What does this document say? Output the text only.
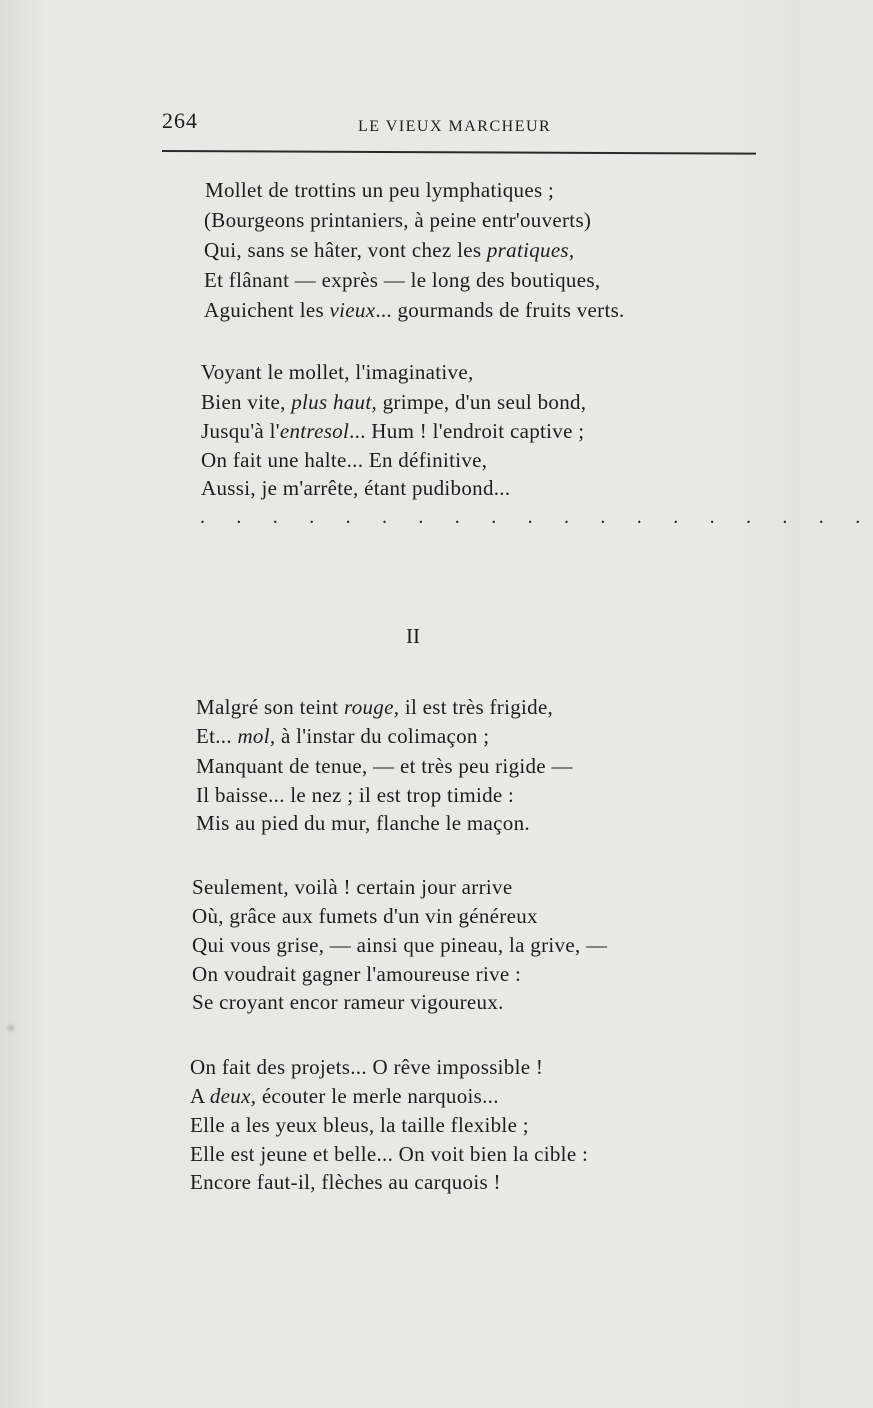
264	LE VIEUX MARCHEUR
Mollet de trottins un peu lymphatiques ;
(Bourgeons printaniers, à peine entr'ouverts)
Qui, sans se hâter, vont chez les pratiques,
Et flânant — exprès — le long des boutiques,
Aguichent les vieux... gourmands de fruits verts.
Voyant le mollet, l'imaginative,
Bien vite, plus haut, grimpe, d'un seul bond,
Jusqu'à l'entresol... Hum ! l'endroit captive ;
On fait une halte... En définitive,
Aussi, je m'arrête, étant pudibond...
. . . . . . . . . . . . . . . . . . .
II
Malgré son teint rouge, il est très frigide,
Et... mol, à l'instar du colimaçon ;
Manquant de tenue, — et très peu rigide —
Il baisse... le nez ; il est trop timide :
Mis au pied du mur, flanche le maçon.
Seulement, voilà ! certain jour arrive
Où, grâce aux fumets d'un vin généreux
Qui vous grise, — ainsi que pineau, la grive, —
On voudrait gagner l'amoureuse rive :
Se croyant encor rameur vigoureux.
On fait des projets... O rêve impossible !
A deux, écouter le merle narquois...
Elle a les yeux bleus, la taille flexible ;
Elle est jeune et belle... On voit bien la cible :
Encore faut-il, flèches au carquois !
